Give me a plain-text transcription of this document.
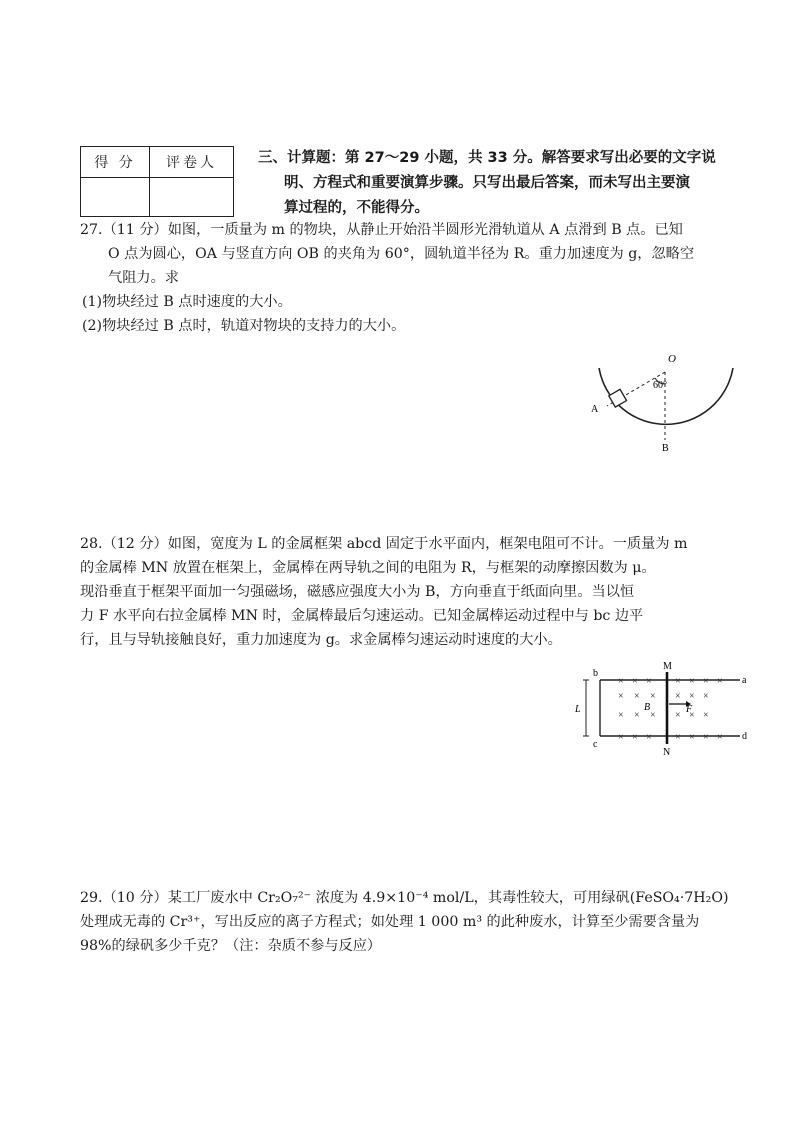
得 分	评卷人
		三、计算题：第 27～29 小题，共 33 分。解答要求写出必要的文字说
明、方程式和重要演算步骤。只写出最后答案，而未写出主要演
算过程的，不能得分。

27.（11 分）如图，一质量为 m 的物块，从静止开始沿半圆形光滑轨道从 A 点滑到 B 点。已知

O 点为圆心，OA 与竖直方向 OB 的夹角为 60°，圆轨道半径为 R。重力加速度为 g，忽略空

气阻力。求

(1)物块经过 B 点时速度的大小。

(2)物块经过 B 点时，轨道对物块的支持力的大小。

O
60°
A
B

28.（12 分）如图，宽度为 L 的金属框架 abcd 固定于水平面内，框架电阻可不计。一质量为 m

的金属棒 MN 放置在框架上，金属棒在两导轨之间的电阻为 R，与框架的动摩擦因数为 μ。

现沿垂直于框架平面加一匀强磁场，磁感应强度大小为 B，方向垂直于纸面向里。当以恒

力 F 水平向右拉金属棒 MN 时，金属棒最后匀速运动。已知金属棒运动过程中与 bc 边平

行，且与导轨接触良好，重力加速度为 g。求金属棒匀速运动时速度的大小。

× × × × × × ×
× × × × × ×
× × × × × ×
× × × × × × ×
b
c
a
d
M
N
L	B	F

29.（10 分）某工厂废水中 Cr₂O₇²⁻ 浓度为 4.9×10⁻⁴ mol/L，其毒性较大，可用绿矾(FeSO₄·7H₂O)

处理成无毒的 Cr³⁺，写出反应的离子方程式；如处理 1 000 m³ 的此种废水，计算至少需要含量为

98%的绿矾多少千克？（注：杂质不参与反应）
